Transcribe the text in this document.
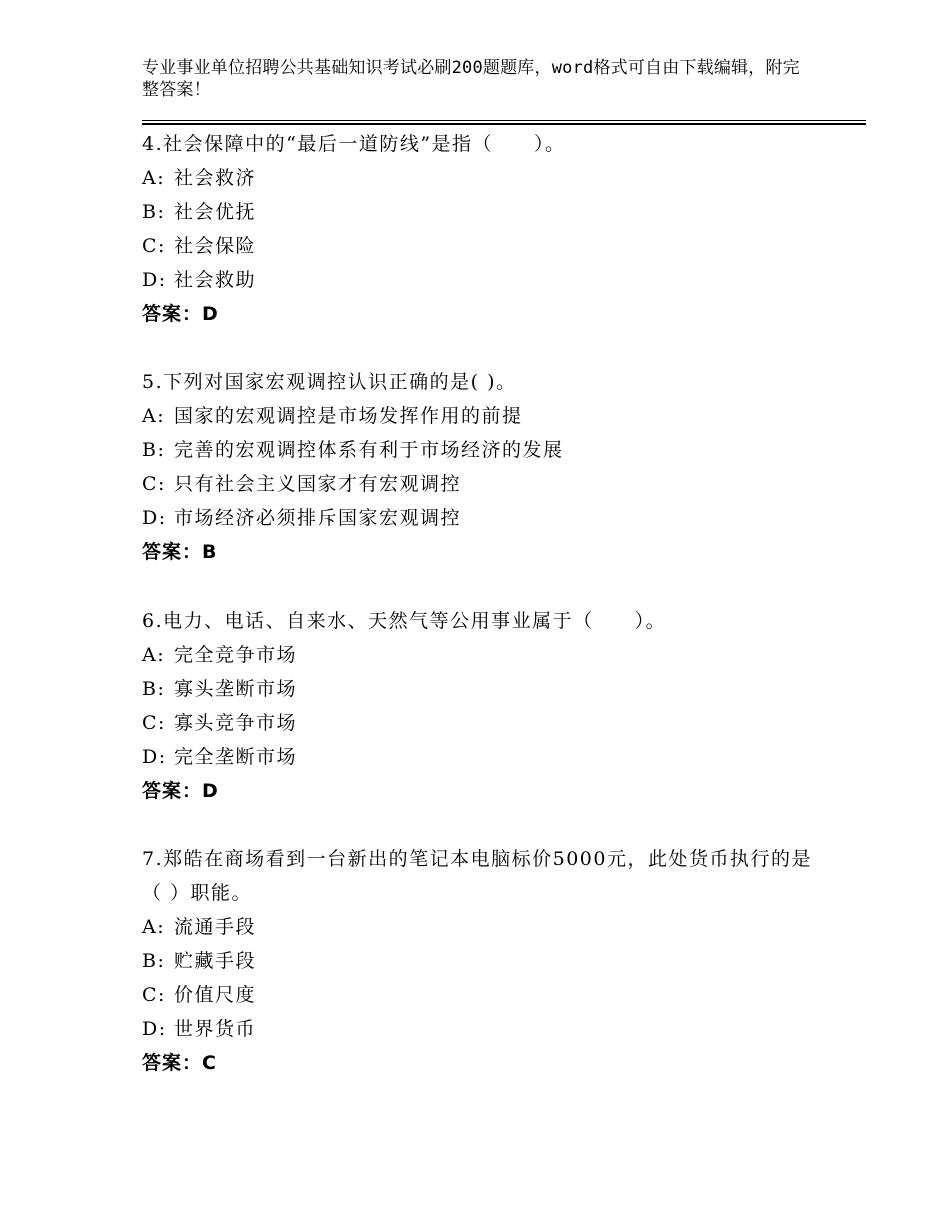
专业事业单位招聘公共基础知识考试必刷200题题库，word格式可自由下载编辑，附完整答案！

4.社会保障中的“最后一道防线”是指（　　）。

A: 社会救济

B: 社会优抚

C: 社会保险

D: 社会救助

答案：D

5.下列对国家宏观调控认识正确的是( )。

A: 国家的宏观调控是市场发挥作用的前提

B: 完善的宏观调控体系有利于市场经济的发展

C: 只有社会主义国家才有宏观调控

D: 市场经济必须排斥国家宏观调控

答案：B

6.电力、电话、自来水、天然气等公用事业属于（　　）。

A: 完全竞争市场

B: 寡头垄断市场

C: 寡头竞争市场

D: 完全垄断市场

答案：D

7.郑皓在商场看到一台新出的笔记本电脑标价5000元，此处货币执行的是（ ）职能。

A: 流通手段

B: 贮藏手段

C: 价值尺度

D: 世界货币

答案：C
